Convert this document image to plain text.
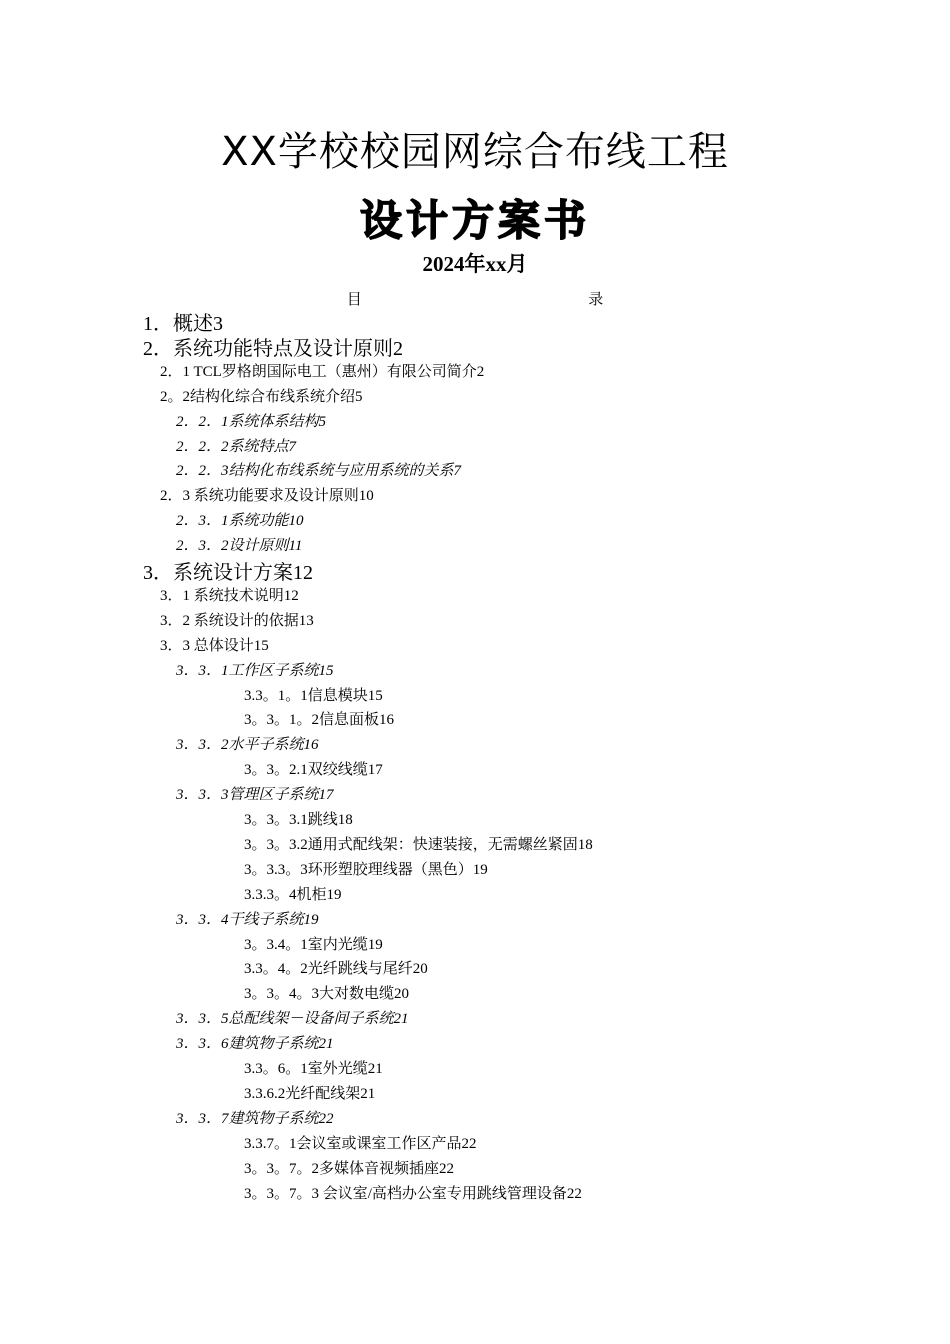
XX学校校园网综合布线工程
设计方案书
2024年xx月
目	录
1．概述3
2．系统功能特点及设计原则2
2．1 TCL罗格朗国际电工（惠州）有限公司简介2
2。2结构化综合布线系统介绍5
2．2．1系统体系结构5
2．2．2系统特点7
2．2．3结构化布线系统与应用系统的关系7
2．3 系统功能要求及设计原则10
2．3．1系统功能10
2．3．2设计原则11
3．系统设计方案12
3．1 系统技术说明12
3．2 系统设计的依据13
3．3 总体设计15
3．3．1工作区子系统15
3.3。1。1信息模块15
3。3。1。2信息面板16
3．3．2水平子系统16
3。3。2.1双绞线缆17
3．3．3管理区子系统17
3。3。3.1跳线18
3。3。3.2通用式配线架：快速装接，无需螺丝紧固18
3。3.3。3环形塑胶理线器（黑色）19
3.3.3。4机柜19
3．3．4干线子系统19
3。3.4。1室内光缆19
3.3。4。2光纤跳线与尾纤20
3。3。4。3大对数电缆20
3．3．5总配线架－设备间子系统21
3．3．6建筑物子系统21
3.3。6。1室外光缆21
3.3.6.2光纤配线架21
3．3．7建筑物子系统22
3.3.7。1会议室或课室工作区产品22
3。3。7。2多媒体音视频插座22
3。3。7。3 会议室/高档办公室专用跳线管理设备22
